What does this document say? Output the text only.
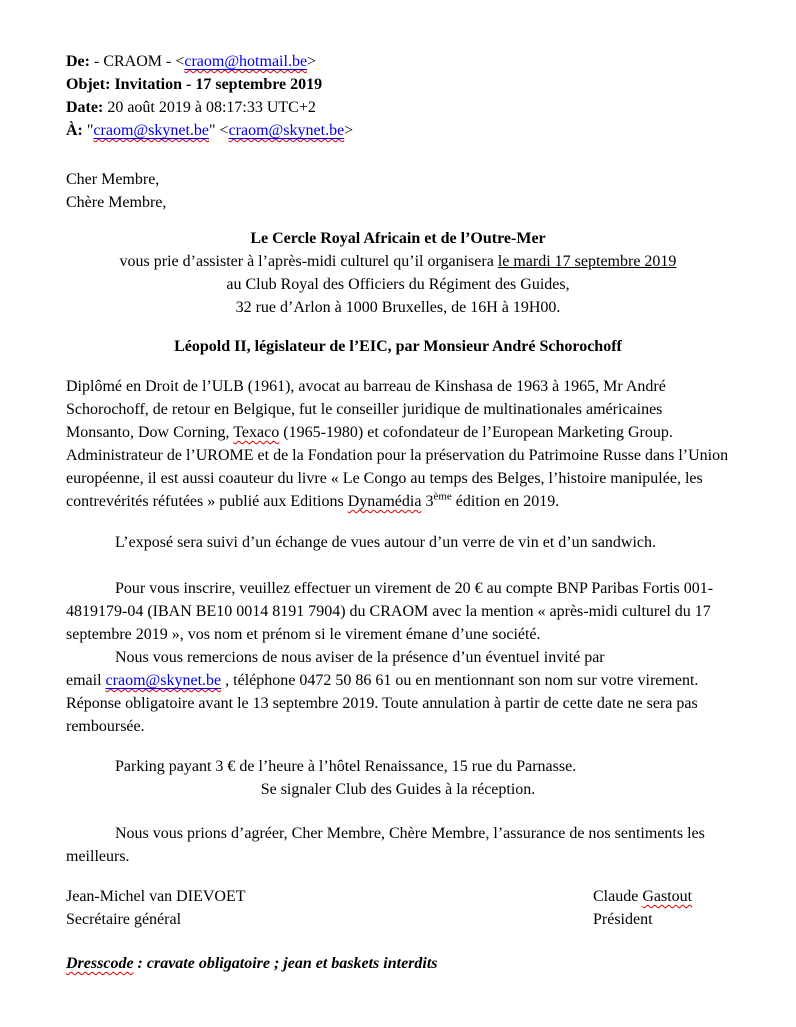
De: - CRAOM - <craom@hotmail.be>
Objet: Invitation - 17 septembre 2019
Date: 20 août 2019 à 08:17:33 UTC+2
À: "craom@skynet.be" <craom@skynet.be>
Cher Membre,
Chère Membre,
Le Cercle Royal Africain et de l’Outre-Mer
vous prie d’assister à l’après-midi culturel qu’il organisera le mardi 17 septembre 2019
au Club Royal des Officiers du Régiment des Guides,
32 rue d’Arlon à 1000 Bruxelles, de 16H à 19H00.
Léopold II, législateur de l’EIC, par Monsieur André Schorochoff
Diplômé en Droit de l’ULB (1961), avocat au barreau de Kinshasa de 1963 à 1965, Mr André Schorochoff, de retour en Belgique, fut le conseiller juridique de multinationales américaines Monsanto, Dow Corning, Texaco (1965-1980) et cofondateur de l’European Marketing Group. Administrateur de l’UROME et de la Fondation pour la préservation du Patrimoine Russe dans l’Union européenne, il est aussi coauteur du livre « Le Congo au temps des Belges, l’histoire manipulée, les contrevérités réfutées » publié aux Editions Dynamédia 3ème édition en 2019.
L’exposé sera suivi d’un échange de vues autour d’un verre de vin et d’un sandwich.
Pour vous inscrire, veuillez effectuer un virement de 20 € au compte BNP Paribas Fortis 001-4819179-04 (IBAN BE10 0014 8191 7904) du CRAOM avec la mention « après-midi culturel du 17 septembre 2019 », vos nom et prénom si le virement émane d’une société.
Nous vous remercions de nous aviser de la présence d’un éventuel invité par
email craom@skynet.be , téléphone 0472 50 86 61 ou en mentionnant son nom sur votre virement. Réponse obligatoire avant le 13 septembre 2019. Toute annulation à partir de cette date ne sera pas remboursée.
Parking payant 3 € de l’heure à l’hôtel Renaissance, 15 rue du Parnasse.
Se signaler Club des Guides à la réception.
Nous vous prions d’agréer, Cher Membre, Chère Membre, l’assurance de nos sentiments les meilleurs.
Jean-Michel van DIEVOET
Secrétaire général
Claude Gastout
Président
Dresscode : cravate obligatoire ; jean et baskets interdits
